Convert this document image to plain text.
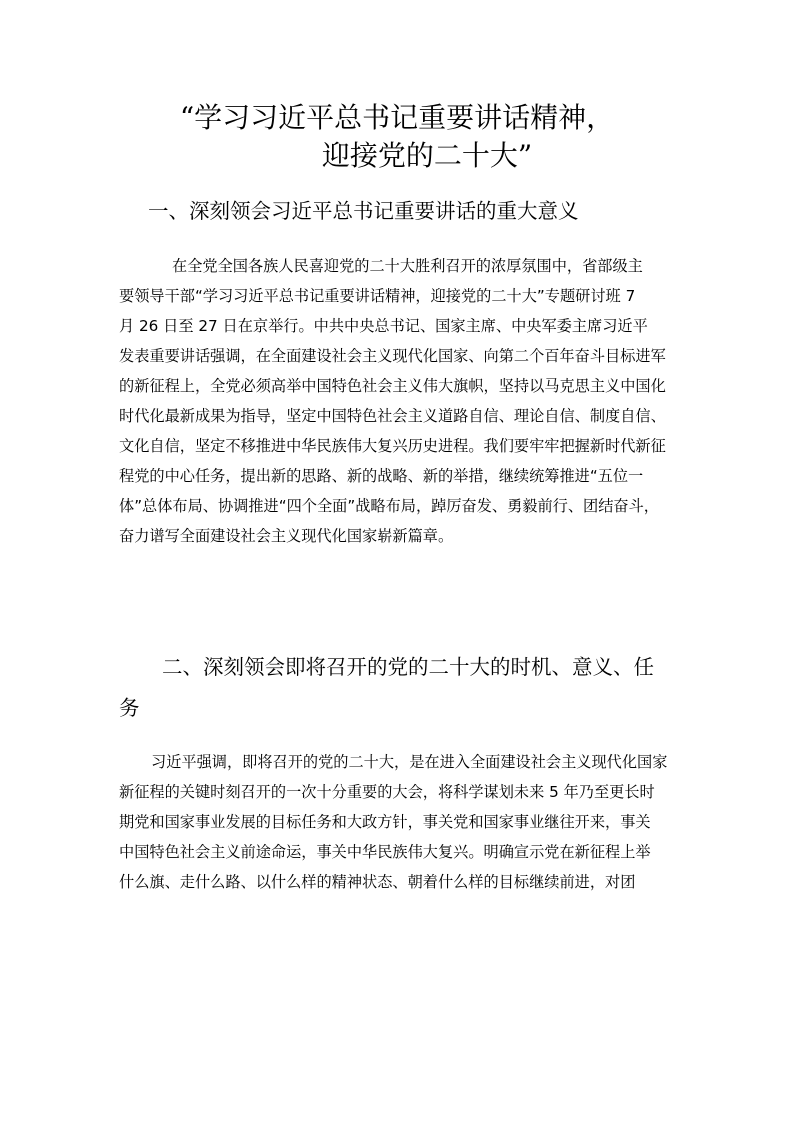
“学习习近平总书记重要讲话精神，
迎接党的二十大”
一、深刻领会习近平总书记重要讲话的重大意义
在全党全国各族人民喜迎党的二十大胜利召开的浓厚氛围中，省部级主
要领导干部“学习习近平总书记重要讲话精神，迎接党的二十大”专题研讨班 7
月 26 日至 27 日在京举行。中共中央总书记、国家主席、中央军委主席习近平
发表重要讲话强调，在全面建设社会主义现代化国家、向第二个百年奋斗目标进军
的新征程上，全党必须高举中国特色社会主义伟大旗帜，坚持以马克思主义中国化
时代化最新成果为指导，坚定中国特色社会主义道路自信、理论自信、制度自信、
文化自信，坚定不移推进中华民族伟大复兴历史进程。我们要牢牢把握新时代新征
程党的中心任务，提出新的思路、新的战略、新的举措，继续统筹推进“五位一
体”总体布局、协调推进“四个全面”战略布局，踔厉奋发、勇毅前行、团结奋斗，
奋力谱写全面建设社会主义现代化国家崭新篇章。
二、深刻领会即将召开的党的二十大的时机、意义、任
务
习近平强调，即将召开的党的二十大，是在进入全面建设社会主义现代化国家
新征程的关键时刻召开的一次十分重要的大会，将科学谋划未来 5 年乃至更长时
期党和国家事业发展的目标任务和大政方针，事关党和国家事业继往开来，事关
中国特色社会主义前途命运，事关中华民族伟大复兴。明确宣示党在新征程上举
什么旗、走什么路、以什么样的精神状态、朝着什么样的目标继续前进，对团
